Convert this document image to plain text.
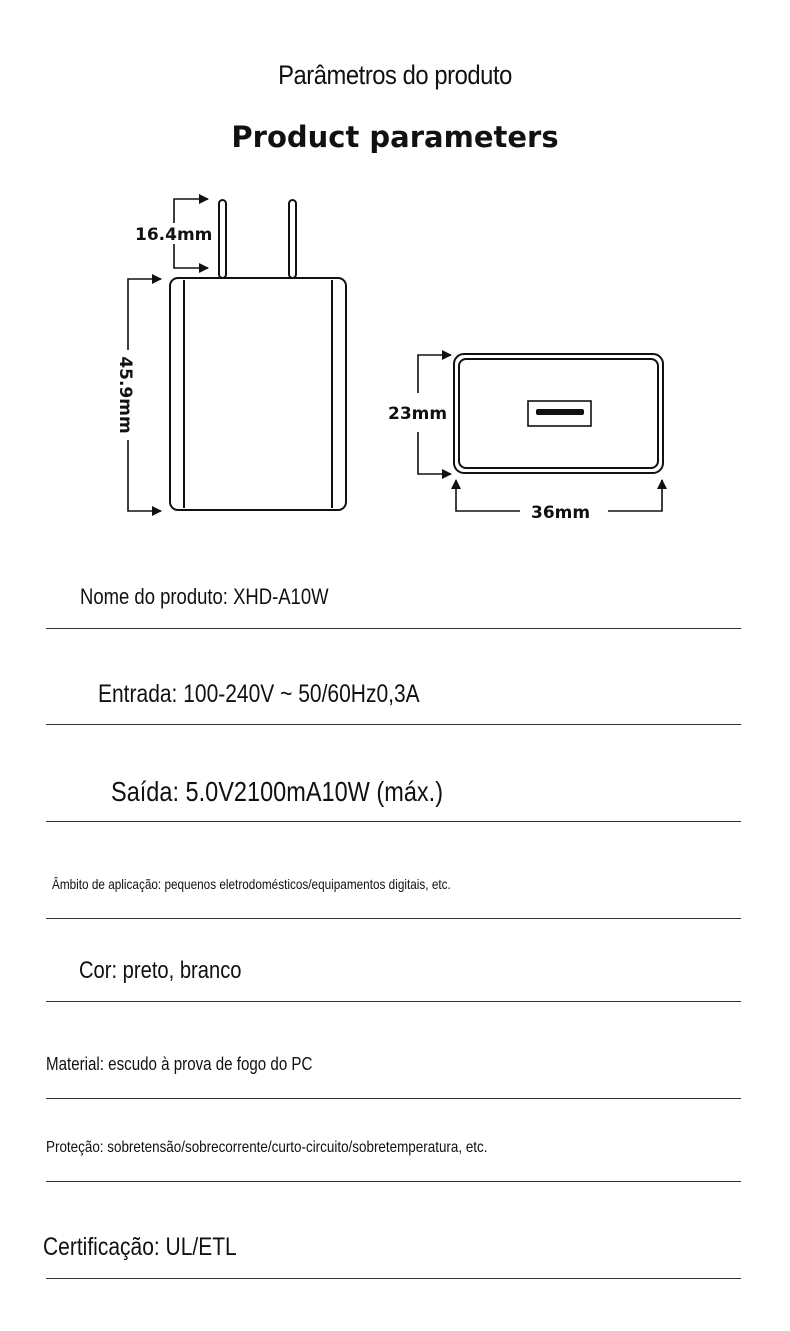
Parâmetros do produto
Product parameters
16.4mm
45.9mm	23mm
36mm
Nome do produto: XHD-A10W
Entrada: 100-240V ~ 50/60Hz0,3A
Saída: 5.0V2100mA10W (máx.)
Âmbito de aplicação: pequenos eletrodomésticos/equipamentos digitais, etc.
Cor: preto, branco
Material: escudo à prova de fogo do PC
Proteção: sobretensão/sobrecorrente/curto-circuito/sobretemperatura, etc.
Certificação: UL/ETL
